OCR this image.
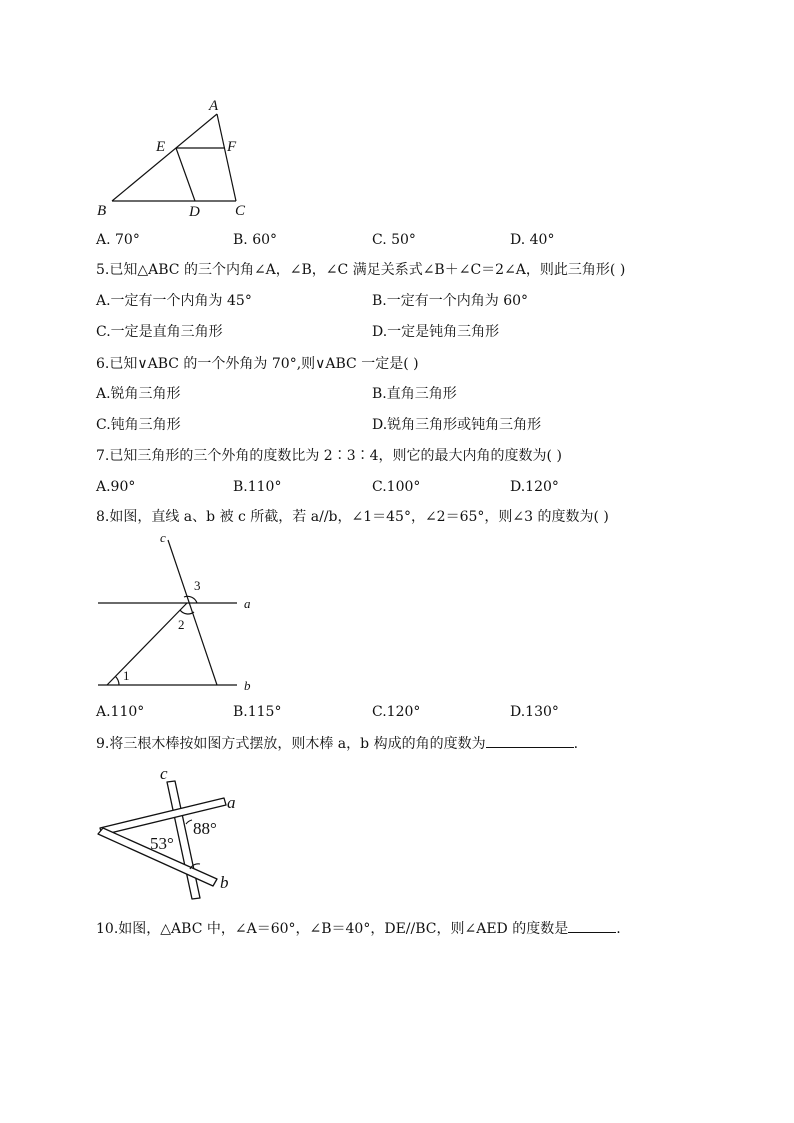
A
E	F
B	D C
A. 70°	B. 60°	C. 50°	D. 40°
5.已知△ABC 的三个内角∠A，∠B，∠C 满足关系式∠B＋∠C＝2∠A，则此三角形( )
A.一定有一个内角为 45°	B.一定有一个内角为 60°
C.一定是直角三角形	D.一定是钝角三角形
6.已知∨ABC 的一个外角为 70°,则∨ABC 一定是( )
A.锐角三角形	B.直角三角形
C.钝角三角形	D.锐角三角形或钝角三角形
7.已知三角形的三个外角的度数比为 2∶3∶4，则它的最大内角的度数为( )
A.90°	B.110°	C.100°	D.120°
8.如图，直线 a、b 被 c 所截，若 a//b，∠1＝45°，∠2＝65°，则∠3 的度数为( )
c
a
b
3
2
1
A.110°	B.115°	C.120°	D.130°
9.将三根木棒按如图方式摆放，则木棒 a，b 构成的角的度数为	.
c
a
b
88°
53°
10.如图，△ABC 中，∠A＝60°，∠B＝40°，DE//BC，则∠AED 的度数是	.
